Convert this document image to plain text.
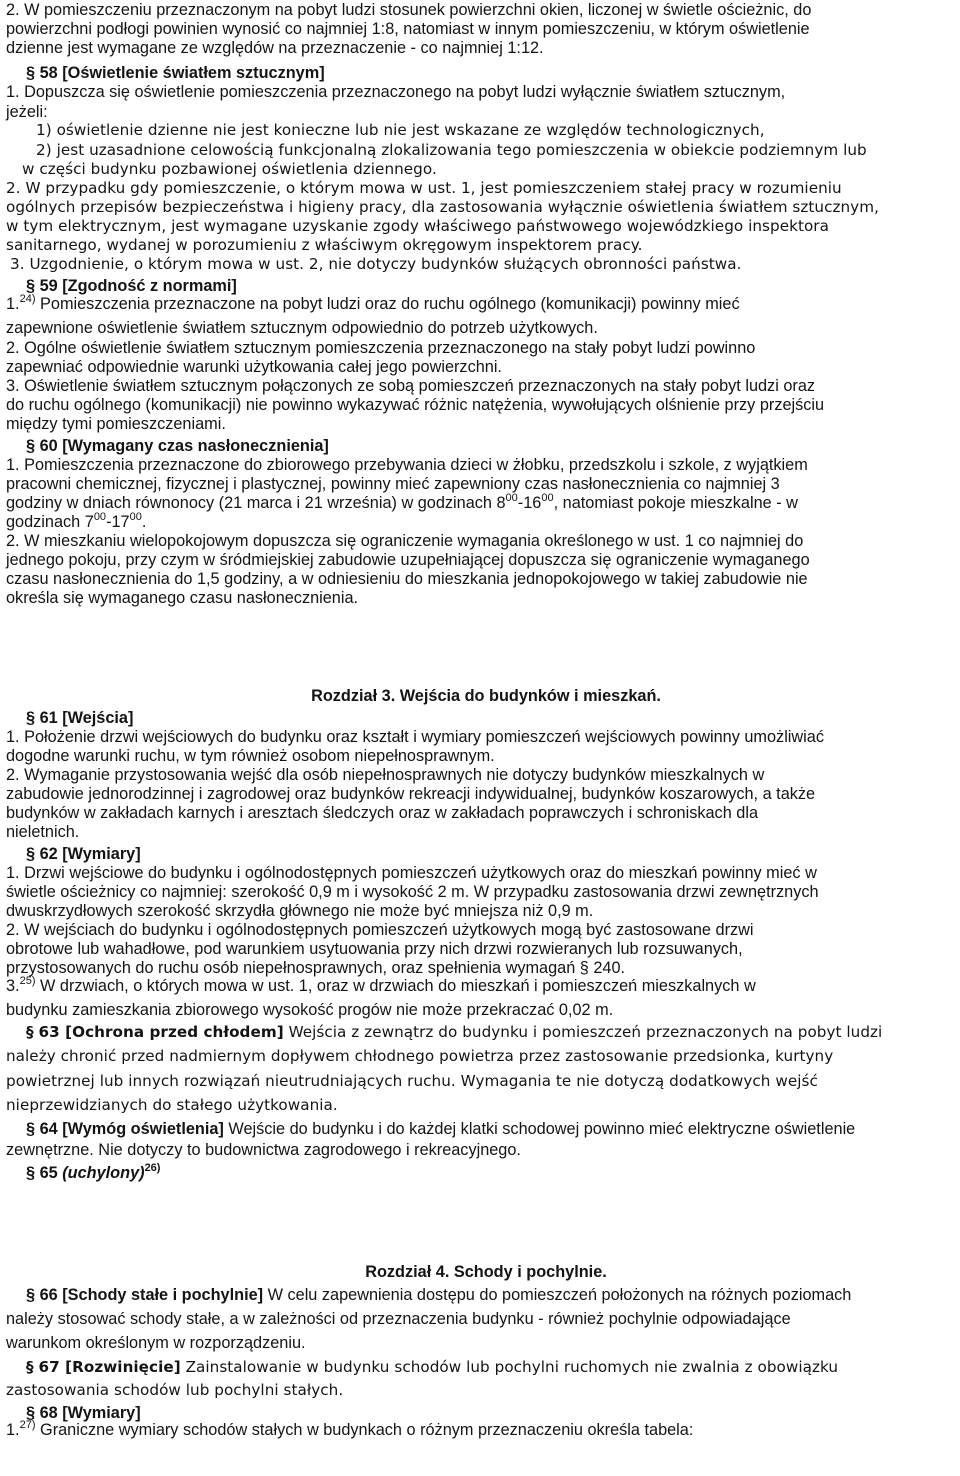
2. W pomieszczeniu przeznaczonym na pobyt ludzi stosunek powierzchni okien, liczonej w świetle ościeżnic, do
powierzchni podłogi powinien wynosić co najmniej 1:8, natomiast w innym pomieszczeniu, w którym oświetlenie
dzienne jest wymagane ze względów na przeznaczenie - co najmniej 1:12.
§ 58 [Oświetlenie światłem sztucznym]
1. Dopuszcza się oświetlenie pomieszczenia przeznaczonego na pobyt ludzi wyłącznie światłem sztucznym,
jeżeli:
1) oświetlenie dzienne nie jest konieczne lub nie jest wskazane ze względów technologicznych,
2) jest uzasadnione celowością funkcjonalną zlokalizowania tego pomieszczenia w obiekcie podziemnym lub
w części budynku pozbawionej oświetlenia dziennego.
2. W przypadku gdy pomieszczenie, o którym mowa w ust. 1, jest pomieszczeniem stałej pracy w rozumieniu
ogólnych przepisów bezpieczeństwa i higieny pracy, dla zastosowania wyłącznie oświetlenia światłem sztucznym,
w tym elektrycznym, jest wymagane uzyskanie zgody właściwego państwowego wojewódzkiego inspektora
sanitarnego, wydanej w porozumieniu z właściwym okręgowym inspektorem pracy.
3. Uzgodnienie, o którym mowa w ust. 2, nie dotyczy budynków służących obronności państwa.
§ 59 [Zgodność z normami]
1.$^{24)}$ Pomieszczenia przeznaczone na pobyt ludzi oraz do ruchu ogólnego (komunikacji) powinny mieć
zapewnione oświetlenie światłem sztucznym odpowiednio do potrzeb użytkowych.
2. Ogólne oświetlenie światłem sztucznym pomieszczenia przeznaczonego na stały pobyt ludzi powinno
zapewniać odpowiednie warunki użytkowania całej jego powierzchni.
3. Oświetlenie światłem sztucznym połączonych ze sobą pomieszczeń przeznaczonych na stały pobyt ludzi oraz
do ruchu ogólnego (komunikacji) nie powinno wykazywać różnic natężenia, wywołujących olśnienie przy przejściu
między tymi pomieszczeniami.
§ 60 [Wymagany czas nasłonecznienia]
1. Pomieszczenia przeznaczone do zbiorowego przebywania dzieci w żłobku, przedszkolu i szkole, z wyjątkiem
pracowni chemicznej, fizycznej i plastycznej, powinny mieć zapewniony czas nasłonecznienia co najmniej 3
godziny w dniach równonocy (21 marca i 21 września) w godzinach $8^{00}-16^{00}$, natomiast pokoje mieszkalne - w
godzinach $7^{00}-17^{00}$.
2. W mieszkaniu wielopokojowym dopuszcza się ograniczenie wymagania określonego w ust. 1 co najmniej do
jednego pokoju, przy czym w śródmiejskiej zabudowie uzupełniającej dopuszcza się ograniczenie wymaganego
czasu nasłonecznienia do 1,5 godziny, a w odniesieniu do mieszkania jednopokojowego w takiej zabudowie nie
określa się wymaganego czasu nasłonecznienia.
Rozdział 3. Wejścia do budynków i mieszkań.
§ 61 [Wejścia]
1. Położenie drzwi wejściowych do budynku oraz kształt i wymiary pomieszczeń wejściowych powinny umożliwiać
dogodne warunki ruchu, w tym również osobom niepełnosprawnym.
2. Wymaganie przystosowania wejść dla osób niepełnosprawnych nie dotyczy budynków mieszkalnych w
zabudowie jednorodzinnej i zagrodowej oraz budynków rekreacji indywidualnej, budynków koszarowych, a także
budynków w zakładach karnych i aresztach śledczych oraz w zakładach poprawczych i schroniskach dla
nieletnich.
§ 62 [Wymiary]
1. Drzwi wejściowe do budynku i ogólnodostępnych pomieszczeń użytkowych oraz do mieszkań powinny mieć w
świetle ościeżnicy co najmniej: szerokość 0,9 m i wysokość 2 m. W przypadku zastosowania drzwi zewnętrznych
dwuskrzydłowych szerokość skrzydła głównego nie może być mniejsza niż 0,9 m.
2. W wejściach do budynku i ogólnodostępnych pomieszczeń użytkowych mogą być zastosowane drzwi
obrotowe lub wahadłowe, pod warunkiem usytuowania przy nich drzwi rozwieranych lub rozsuwanych,
przystosowanych do ruchu osób niepełnosprawnych, oraz spełnienia wymagań § 240.
3.$^{25)}$ W drzwiach, o których mowa w ust. 1, oraz w drzwiach do mieszkań i pomieszczeń mieszkalnych w
budynku zamieszkania zbiorowego wysokość progów nie może przekraczać 0,02 m.
§ 63 [Ochrona przed chłodem] Wejścia z zewnątrz do budynku i pomieszczeń przeznaczonych na pobyt ludzi
należy chronić przed nadmiernym dopływem chłodnego powietrza przez zastosowanie przedsionka, kurtyny
powietrznej lub innych rozwiązań nieutrudniających ruchu. Wymagania te nie dotyczą dodatkowych wejść
nieprzewidzianych do stałego użytkowania.
§ 64 [Wymóg oświetlenia] Wejście do budynku i do każdej klatki schodowej powinno mieć elektryczne oświetlenie
zewnętrzne. Nie dotyczy to budownictwa zagrodowego i rekreacyjnego.
§ 65 (uchylony)$^{26)}$
Rozdział 4. Schody i pochylnie.
§ 66 [Schody stałe i pochylnie] W celu zapewnienia dostępu do pomieszczeń położonych na różnych poziomach
należy stosować schody stałe, a w zależności od przeznaczenia budynku - również pochylnie odpowiadające
warunkom określonym w rozporządzeniu.
§ 67 [Rozwinięcie] Zainstalowanie w budynku schodów lub pochylni ruchomych nie zwalnia z obowiązku
zastosowania schodów lub pochylni stałych.
§ 68 [Wymiary]
1.$^{27)}$ Graniczne wymiary schodów stałych w budynkach o różnym przeznaczeniu określa tabela:
